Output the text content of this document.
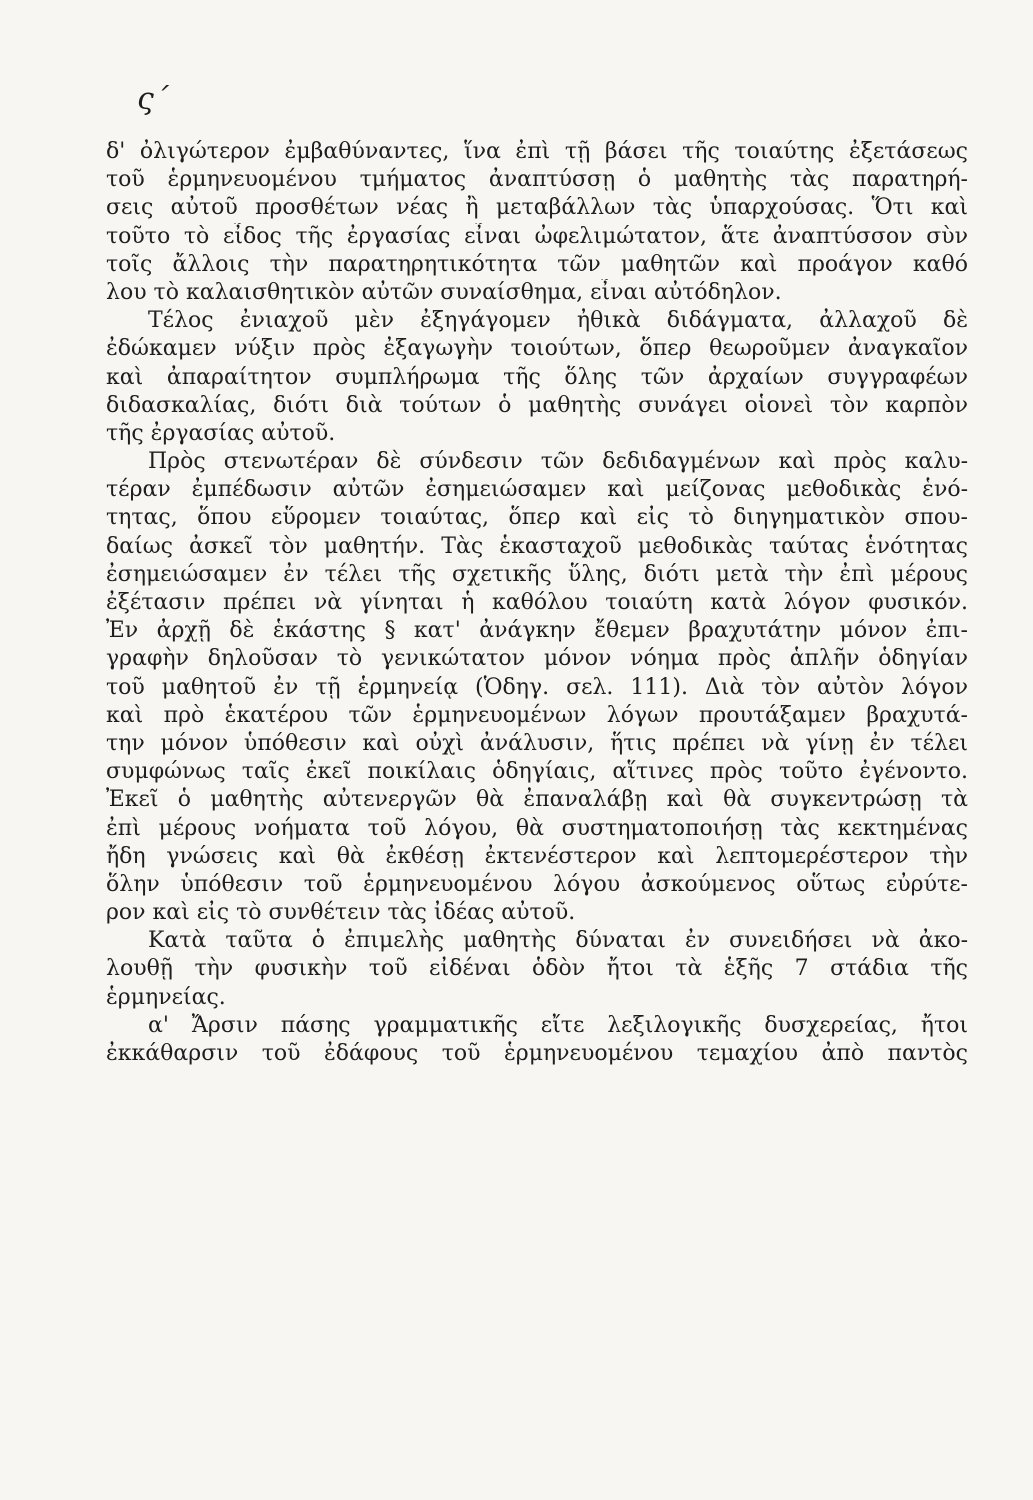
ς΄
δ' ὀλιγώτερον ἐμβαθύναντες, ἵνα ἐπὶ τῇ βάσει τῆς τοιαύτης ἐξετάσεως
τοῦ ἑρμηνευομένου τμήματος ἀναπτύσσῃ ὁ μαθητὴς τὰς παρατηρή-
σεις αὐτοῦ προσθέτων νέας ἢ μεταβάλλων τὰς ὑπαρχούσας. Ὅτι καὶ
τοῦτο τὸ εἶδος τῆς ἐργασίας εἶναι ὠφελιμώτατον, ἅτε ἀναπτύσσον σὺν
τοῖς ἄλλοις τὴν παρατηρητικότητα τῶν μαθητῶν καὶ προάγον καθό
λου τὸ καλαισθητικὸν αὐτῶν συναίσθημα, εἶναι αὐτόδηλον.
Τέλος ἐνιαχοῦ μὲν ἐξηγάγομεν ἠθικὰ διδάγματα, ἀλλαχοῦ δὲ
ἐδώκαμεν νύξιν πρὸς ἐξαγωγὴν τοιούτων, ὅπερ θεωροῦμεν ἀναγκαῖον
καὶ ἀπαραίτητον συμπλήρωμα τῆς ὅλης τῶν ἀρχαίων συγγραφέων
διδασκαλίας, διότι διὰ τούτων ὁ μαθητὴς συνάγει οἱονεὶ τὸν καρπὸν
τῆς ἐργασίας αὐτοῦ.
Πρὸς στενωτέραν δὲ σύνδεσιν τῶν δεδιδαγμένων καὶ πρὸς καλυ-
τέραν ἐμπέδωσιν αὐτῶν ἐσημειώσαμεν καὶ μείζονας μεθοδικὰς ἑνό-
τητας, ὅπου εὕρομεν τοιαύτας, ὅπερ καὶ εἰς τὸ διηγηματικὸν σπου-
δαίως ἀσκεῖ τὸν μαθητήν. Τὰς ἑκασταχοῦ μεθοδικὰς ταύτας ἑνότητας
ἐσημειώσαμεν ἐν τέλει τῆς σχετικῆς ὕλης, διότι μετὰ τὴν ἐπὶ μέρους
ἐξέτασιν πρέπει νὰ γίνηται ἡ καθόλου τοιαύτη κατὰ λόγον φυσικόν.
Ἐν ἀρχῇ δὲ ἑκάστης § κατ' ἀνάγκην ἔθεμεν βραχυτάτην μόνον ἐπι-
γραφὴν δηλοῦσαν τὸ γενικώτατον μόνον νόημα πρὸς ἁπλῆν ὁδηγίαν
τοῦ μαθητοῦ ἐν τῇ ἑρμηνείᾳ (Ὁδηγ. σελ. 111). Διὰ τὸν αὐτὸν λόγον
καὶ πρὸ ἑκατέρου τῶν ἑρμηνευομένων λόγων προυτάξαμεν βραχυτά-
την μόνον ὑπόθεσιν καὶ οὐχὶ ἀνάλυσιν, ἥτις πρέπει νὰ γίνῃ ἐν τέλει
συμφώνως ταῖς ἐκεῖ ποικίλαις ὁδηγίαις, αἵτινες πρὸς τοῦτο ἐγένοντο.
Ἐκεῖ ὁ μαθητὴς αὐτενεργῶν θὰ ἐπαναλάβῃ καὶ θὰ συγκεντρώσῃ τὰ
ἐπὶ μέρους νοήματα τοῦ λόγου, θὰ συστηματοποιήσῃ τὰς κεκτημένας
ἤδη γνώσεις καὶ θὰ ἐκθέσῃ ἐκτενέστερον καὶ λεπτομερέστερον τὴν
ὅλην ὑπόθεσιν τοῦ ἑρμηνευομένου λόγου ἀσκούμενος οὕτως εὐρύτε-
ρον καὶ εἰς τὸ συνθέτειν τὰς ἰδέας αὐτοῦ.
Κατὰ ταῦτα ὁ ἐπιμελὴς μαθητὴς δύναται ἐν συνειδήσει νὰ ἀκο-
λουθῇ τὴν φυσικὴν τοῦ εἰδέναι ὁδὸν ἤτοι τὰ ἑξῆς 7 στάδια τῆς
ἑρμηνείας.
α' Ἄρσιν πάσης γραμματικῆς εἴτε λεξιλογικῆς δυσχερείας, ἤτοι
ἐκκάθαρσιν τοῦ ἐδάφους τοῦ ἑρμηνευομένου τεμαχίου ἀπὸ παντὸς
